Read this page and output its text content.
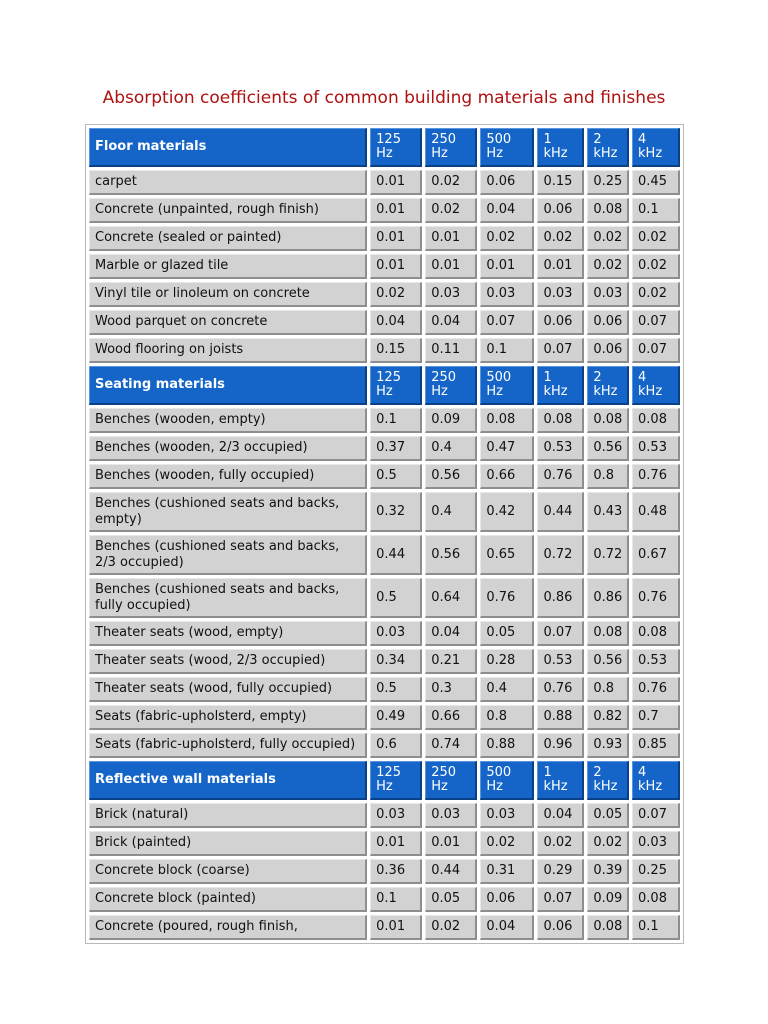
Absorption coefficients of common building materials and finishes
Floor materials	125 Hz	250 Hz	500 Hz	1 kHz	2 kHz	4 kHz
carpet	0.01	0.02	0.06	0.15	0.25	0.45
Concrete (unpainted, rough finish)	0.01	0.02	0.04	0.06	0.08	0.1
Concrete (sealed or painted)	0.01	0.01	0.02	0.02	0.02	0.02
Marble or glazed tile	0.01	0.01	0.01	0.01	0.02	0.02
Vinyl tile or linoleum on concrete	0.02	0.03	0.03	0.03	0.03	0.02
Wood parquet on concrete	0.04	0.04	0.07	0.06	0.06	0.07
Wood flooring on joists	0.15	0.11	0.1	0.07	0.06	0.07
Seating materials	125 Hz	250 Hz	500 Hz	1 kHz	2 kHz	4 kHz
Benches (wooden, empty)	0.1	0.09	0.08	0.08	0.08	0.08
Benches (wooden, 2/3 occupied)	0.37	0.4	0.47	0.53	0.56	0.53
Benches (wooden, fully occupied)	0.5	0.56	0.66	0.76	0.8	0.76
Benches (cushioned seats and backs, empty)	0.32	0.4	0.42	0.44	0.43	0.48
Benches (cushioned seats and backs, 2/3 occupied)	0.44	0.56	0.65	0.72	0.72	0.67
Benches (cushioned seats and backs, fully occupied)	0.5	0.64	0.76	0.86	0.86	0.76
Theater seats (wood, empty)	0.03	0.04	0.05	0.07	0.08	0.08
Theater seats (wood, 2/3 occupied)	0.34	0.21	0.28	0.53	0.56	0.53
Theater seats (wood, fully occupied)	0.5	0.3	0.4	0.76	0.8	0.76
Seats (fabric-upholsterd, empty)	0.49	0.66	0.8	0.88	0.82	0.7
Seats (fabric-upholsterd, fully occupied)	0.6	0.74	0.88	0.96	0.93	0.85
Reflective wall materials	125 Hz	250 Hz	500 Hz	1 kHz	2 kHz	4 kHz
Brick (natural)	0.03	0.03	0.03	0.04	0.05	0.07
Brick (painted)	0.01	0.01	0.02	0.02	0.02	0.03
Concrete block (coarse)	0.36	0.44	0.31	0.29	0.39	0.25
Concrete block (painted)	0.1	0.05	0.06	0.07	0.09	0.08
Concrete (poured, rough finish,	0.01	0.02	0.04	0.06	0.08	0.1
